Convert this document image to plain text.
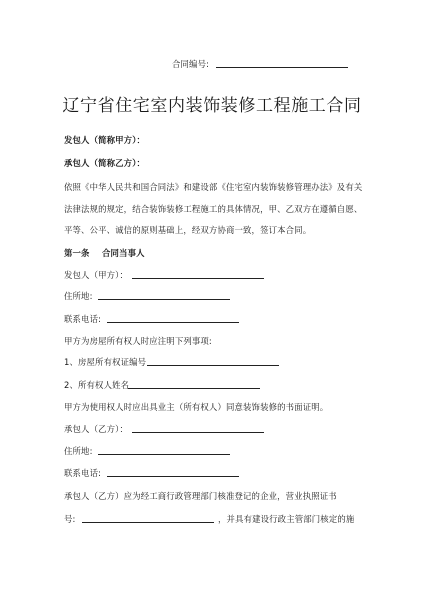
合同编号:
辽宁省住宅室内装饰装修工程施工合同
发包人（简称甲方）：
承包人（简称乙方）：
依照《中华人民共和国合同法》和建设部《住宅室内装饰装修管理办法》及有关
法律法规的规定，结合装饰装修工程施工的具体情况，甲、乙双方在遵循自愿、
平等、公平、诚信的原则基础上，经双方协商一致，签订本合同。
第一条 合同当事人
发包人（甲方）：
住所地:
联系电话:
甲方为房屋所有权人时应注明下列事项:
1、房屋所有权证编号
2、所有权人姓名
甲方为使用权人时应出具业主（所有权人）同意装饰装修的书面证明。
承包人（乙方）：
住所地:
联系电话:
承包人（乙方）应为经工商行政管理部门核准登记的企业，营业执照证书
号:	，并具有建设行政主管部门核定的施
